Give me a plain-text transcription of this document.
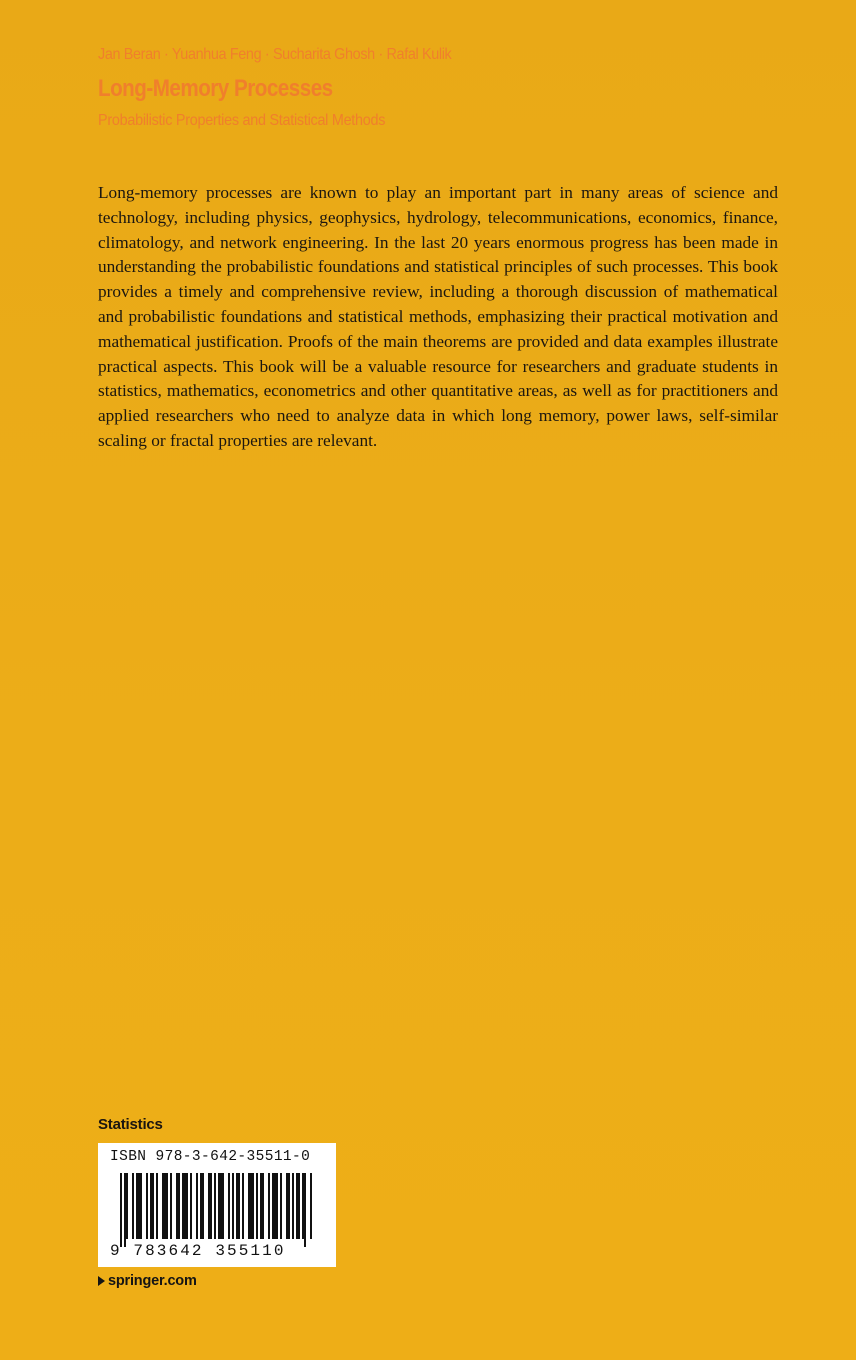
Jan Beran · Yuanhua Feng · Sucharita Ghosh · Rafal Kulik
Long-Memory Processes
Probabilistic Properties and Statistical Methods

Long-memory processes are known to play an important part in many areas of science and technology, including physics, geophysics, hydrology, telecommunications, economics, finance, climatology, and network engineering. In the last 20 years enormous progress has been made in understanding the probabilistic foundations and statistical principles of such processes. This book provides a timely and comprehensive review, including a thorough discussion of mathematical and probabilistic foundations and statistical methods, emphasizing their practical motivation and mathematical justification. Proofs of the main theorems are provided and data examples illustrate practical aspects. This book will be a valuable resource for researchers and graduate students in statistics, mathematics, econometrics and other quantitative areas, as well as for practitioners and applied researchers who need to analyze data in which long memory, power laws, self-similar scaling or fractal properties are relevant.

Statistics
ISBN 978-3-642-35511-0
9 783642 355110
springer.com
